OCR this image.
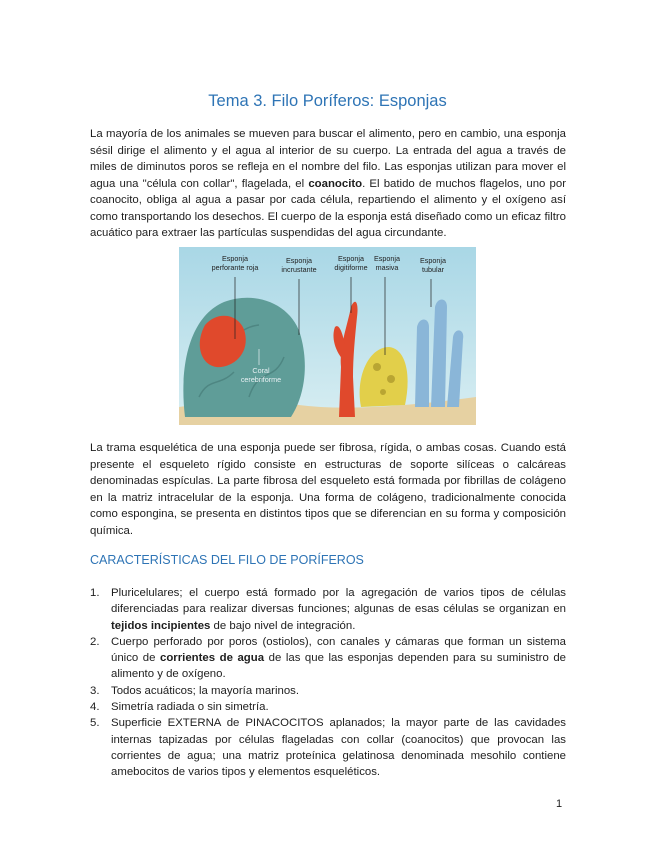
Tema 3. Filo Poríferos: Esponjas

La mayoría de los animales se mueven para buscar el alimento, pero en cambio, una esponja sésil dirige el alimento y el agua al interior de su cuerpo. La entrada del agua a través de miles de diminutos poros se refleja en el nombre del filo. Las esponjas utilizan para mover el agua una "célula con collar", flagelada, el coanocito. El batido de muchos flagelos, uno por coanocito, obliga al agua a pasar por cada célula, repartiendo el alimento y el oxígeno así como transportando los desechos. El cuerpo de la esponja está diseñado como un eficaz filtro acuático para extraer las partículas suspendidas del agua circundante.

Esponja
perforante roja
Esponja
incrustante
Esponja
digitiforme
Esponja
masiva
Esponja
tubular
Coral
cerebriforme

La trama esquelética de una esponja puede ser fibrosa, rígida, o ambas cosas. Cuando está presente el esqueleto rígido consiste en estructuras de soporte silíceas o calcáreas denominadas espículas. La parte fibrosa del esqueleto está formada por fibrillas de colágeno en la matriz intracelular de la esponja. Una forma de colágeno, tradicionalmente conocida como espongina, se presenta en distintos tipos que se diferencian en su forma y composición química.

CARACTERÍSTICAS DEL FILO DE PORÍFEROS
1. Pluricelulares; el cuerpo está formado por la agregación de varios tipos de células diferenciadas para realizar diversas funciones; algunas de esas células se organizan en tejidos incipientes de bajo nivel de integración.
2. Cuerpo perforado por poros (ostiolos), con canales y cámaras que forman un sistema único de corrientes de agua de las que las esponjas dependen para su suministro de alimento y de oxígeno.
3. Todos acuáticos; la mayoría marinos.
4. Simetría radiada o sin simetría.
5. Superficie EXTERNA de PINACOCITOS aplanados; la mayor parte de las cavidades internas tapizadas por células flageladas con collar (coanocitos) que provocan las corrientes de agua; una matriz proteínica gelatinosa denominada mesohilo contiene amebocitos de varios tipos y elementos esqueléticos.
1
